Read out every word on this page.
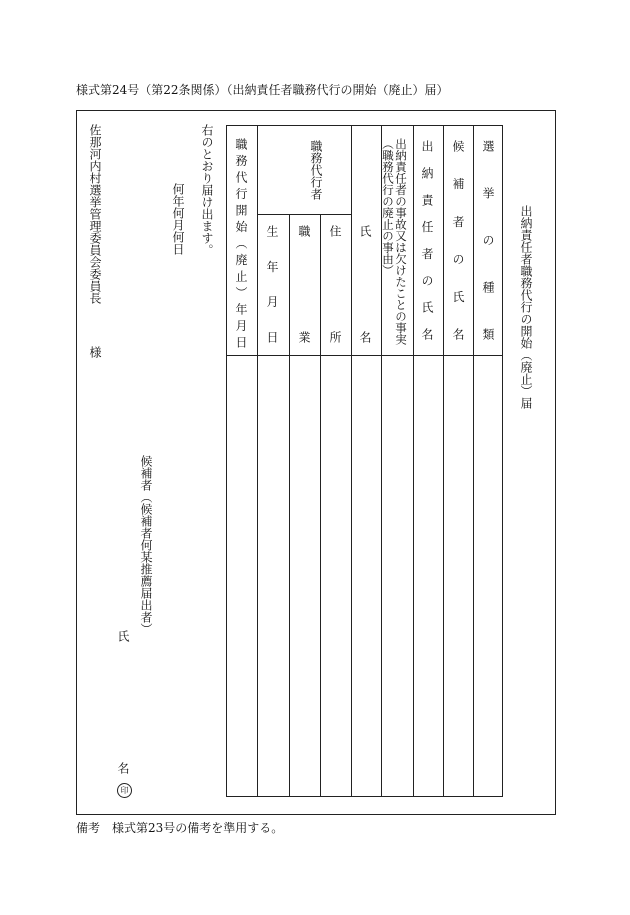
様式第24号（第22条関係）（出納責任者職務代行の開始（廃止）届）
出納責任者職務代行の開始（廃止）届
選挙の種類
候補者の氏名
出納責任者の氏名
出納責任者の事故又は欠けたことの事実（職務代行の廃止の事由）
職務代行者
氏名
住所
職業
生年月日
職務代行開始（廃止）年月日
右のとおり届け出ます。
何年何月何日
佐那河内村選挙管理委員会委員長
様
候補者（候補者何某推薦届出者）
氏
名
印
備考　様式第23号の備考を準用する。
